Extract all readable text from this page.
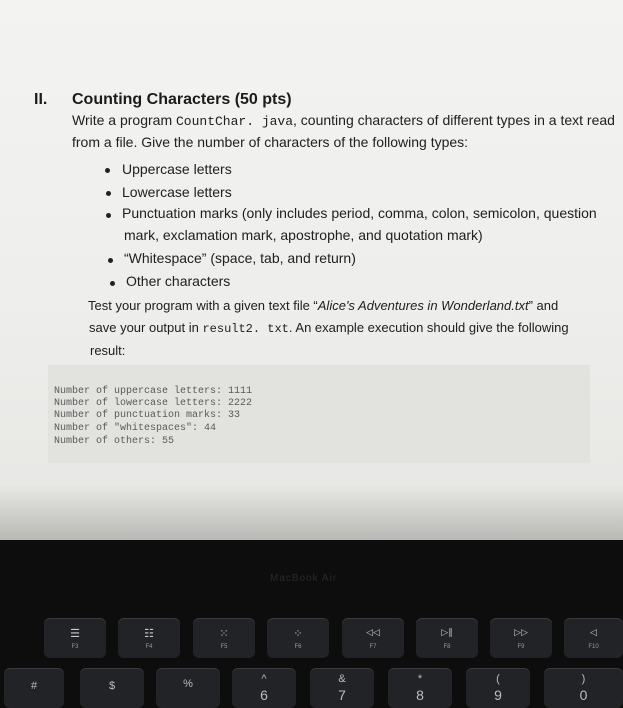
II. Counting Characters (50 pts)
Write a program CountChar. java, counting characters of different types in a text read
from a file. Give the number of characters of the following types:
Uppercase letters
Lowercase letters
Punctuation marks (only includes period, comma, colon, semicolon, question
mark, exclamation mark, apostrophe, and quotation mark)
“Whitespace” (space, tab, and return)
Other characters
Test your program with a given text file “Alice's Adventures in Wonderland.txt” and
save your output in result2. txt. An example execution should give the following
result:
Number of uppercase letters: 1111
Number of lowercase letters: 2222
Number of punctuation marks: 33
Number of "whitespaces": 44
Number of others: 55
MacBook Air
☰
F3
☷
F4
⁙
F5
⁘
F6
◁◁
F7
▷∥
F8
▷▷
F9
◁
F10
#	$	%	^
6
&
7
*
8
(
9
)
0
